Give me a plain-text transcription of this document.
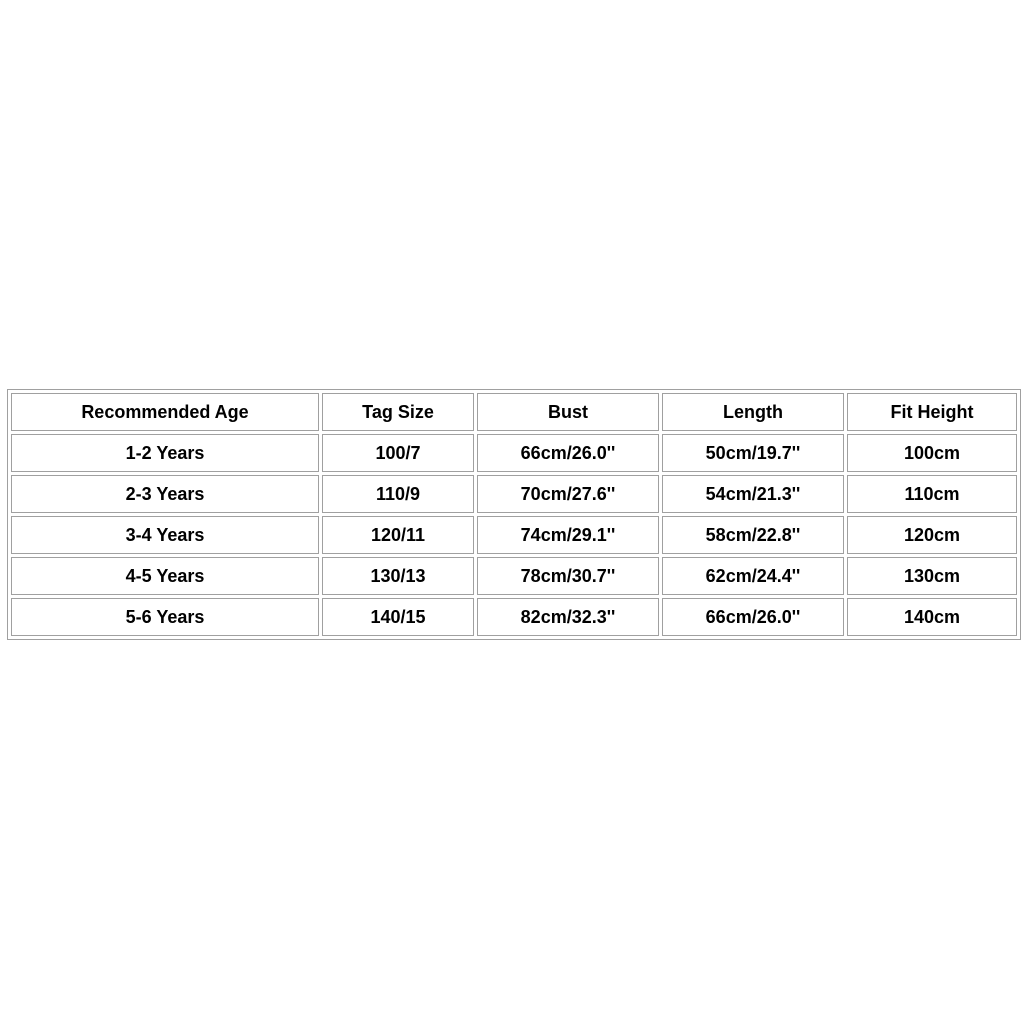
Recommended Age	Tag Size	Bust	Length	Fit Height
1-2 Years	100/7	66cm/26.0''	50cm/19.7''	100cm
2-3 Years	110/9	70cm/27.6''	54cm/21.3''	110cm
3-4 Years	120/11	74cm/29.1''	58cm/22.8''	120cm
4-5 Years	130/13	78cm/30.7''	62cm/24.4''	130cm
5-6 Years	140/15	82cm/32.3''	66cm/26.0''	140cm
